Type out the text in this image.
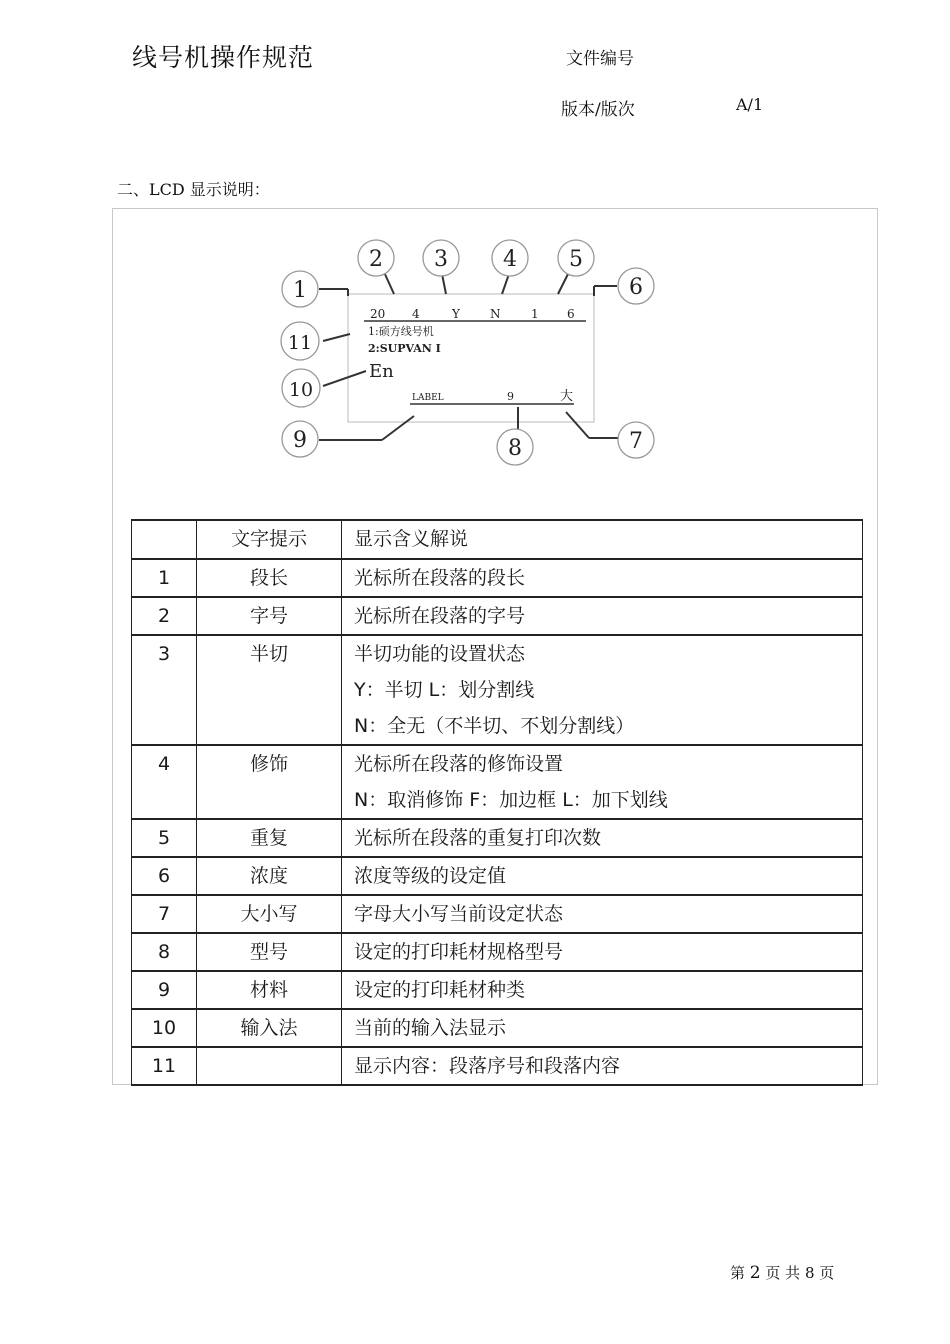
线号机操作规范	文件编号
版本/版次	A/1
二、LCD 显示说明：
20 4	Y	N	1 6
1:硕方线号机
2:SUPVAN I
En
LABEL	9	大
1
2 3	4 5
6
7
8
9
10
11
	文字提示	显示含义解说
1	段长	光标所在段落的段长

2	字号	光标所在段落的字号

3	半切	半切功能的设置状态
Y：半切 L：划分割线
N：全无（不半切、不划分割线）

4	修饰	光标所在段落的修饰设置
N：取消修饰 F：加边框 L：加下划线

5	重复	光标所在段落的重复打印次数

6	浓度	浓度等级的设定值

7	大小写	字母大小写当前设定状态

8	型号	设定的打印耗材规格型号

9	材料	设定的打印耗材种类

10	输入法	当前的输入法显示

11		显示内容：段落序号和段落内容
第 2 页 共 8 页
